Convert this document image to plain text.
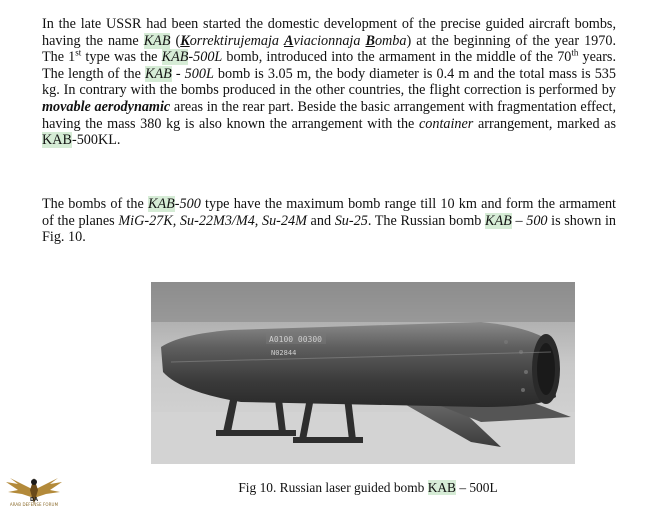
In the late USSR had been started the domestic development of the precise guided aircraft bombs, having the name KAB (Korrektirujemaja Aviacionnaja Bomba) at the beginning of the year 1970. The 1st type was the KAB-500L bomb, introduced into the armament in the middle of the 70th years. The length of the KAB - 500L bomb is 3.05 m, the body diameter is 0.4 m and the total mass is 535 kg. In contrary with the bombs produced in the other countries, the flight correction is performed by movable aerodynamic areas in the rear part. Beside the basic arrangement with fragmentation effect, having the mass 380 kg is also known the arrangement with the container arrangement, marked as KAB-500KL.

The bombs of the KAB-500 type have the maximum bomb range till 10 km and form the armament of the planes MiG-27K, Su-22M3/M4, Su-24M and Su-25. The Russian bomb KAB – 500 is shown in Fig. 10.

A0100 00300
N02844

Fig 10. Russian laser guided bomb KAB – 500L

DA
ARAB DEFENSE FORUM
